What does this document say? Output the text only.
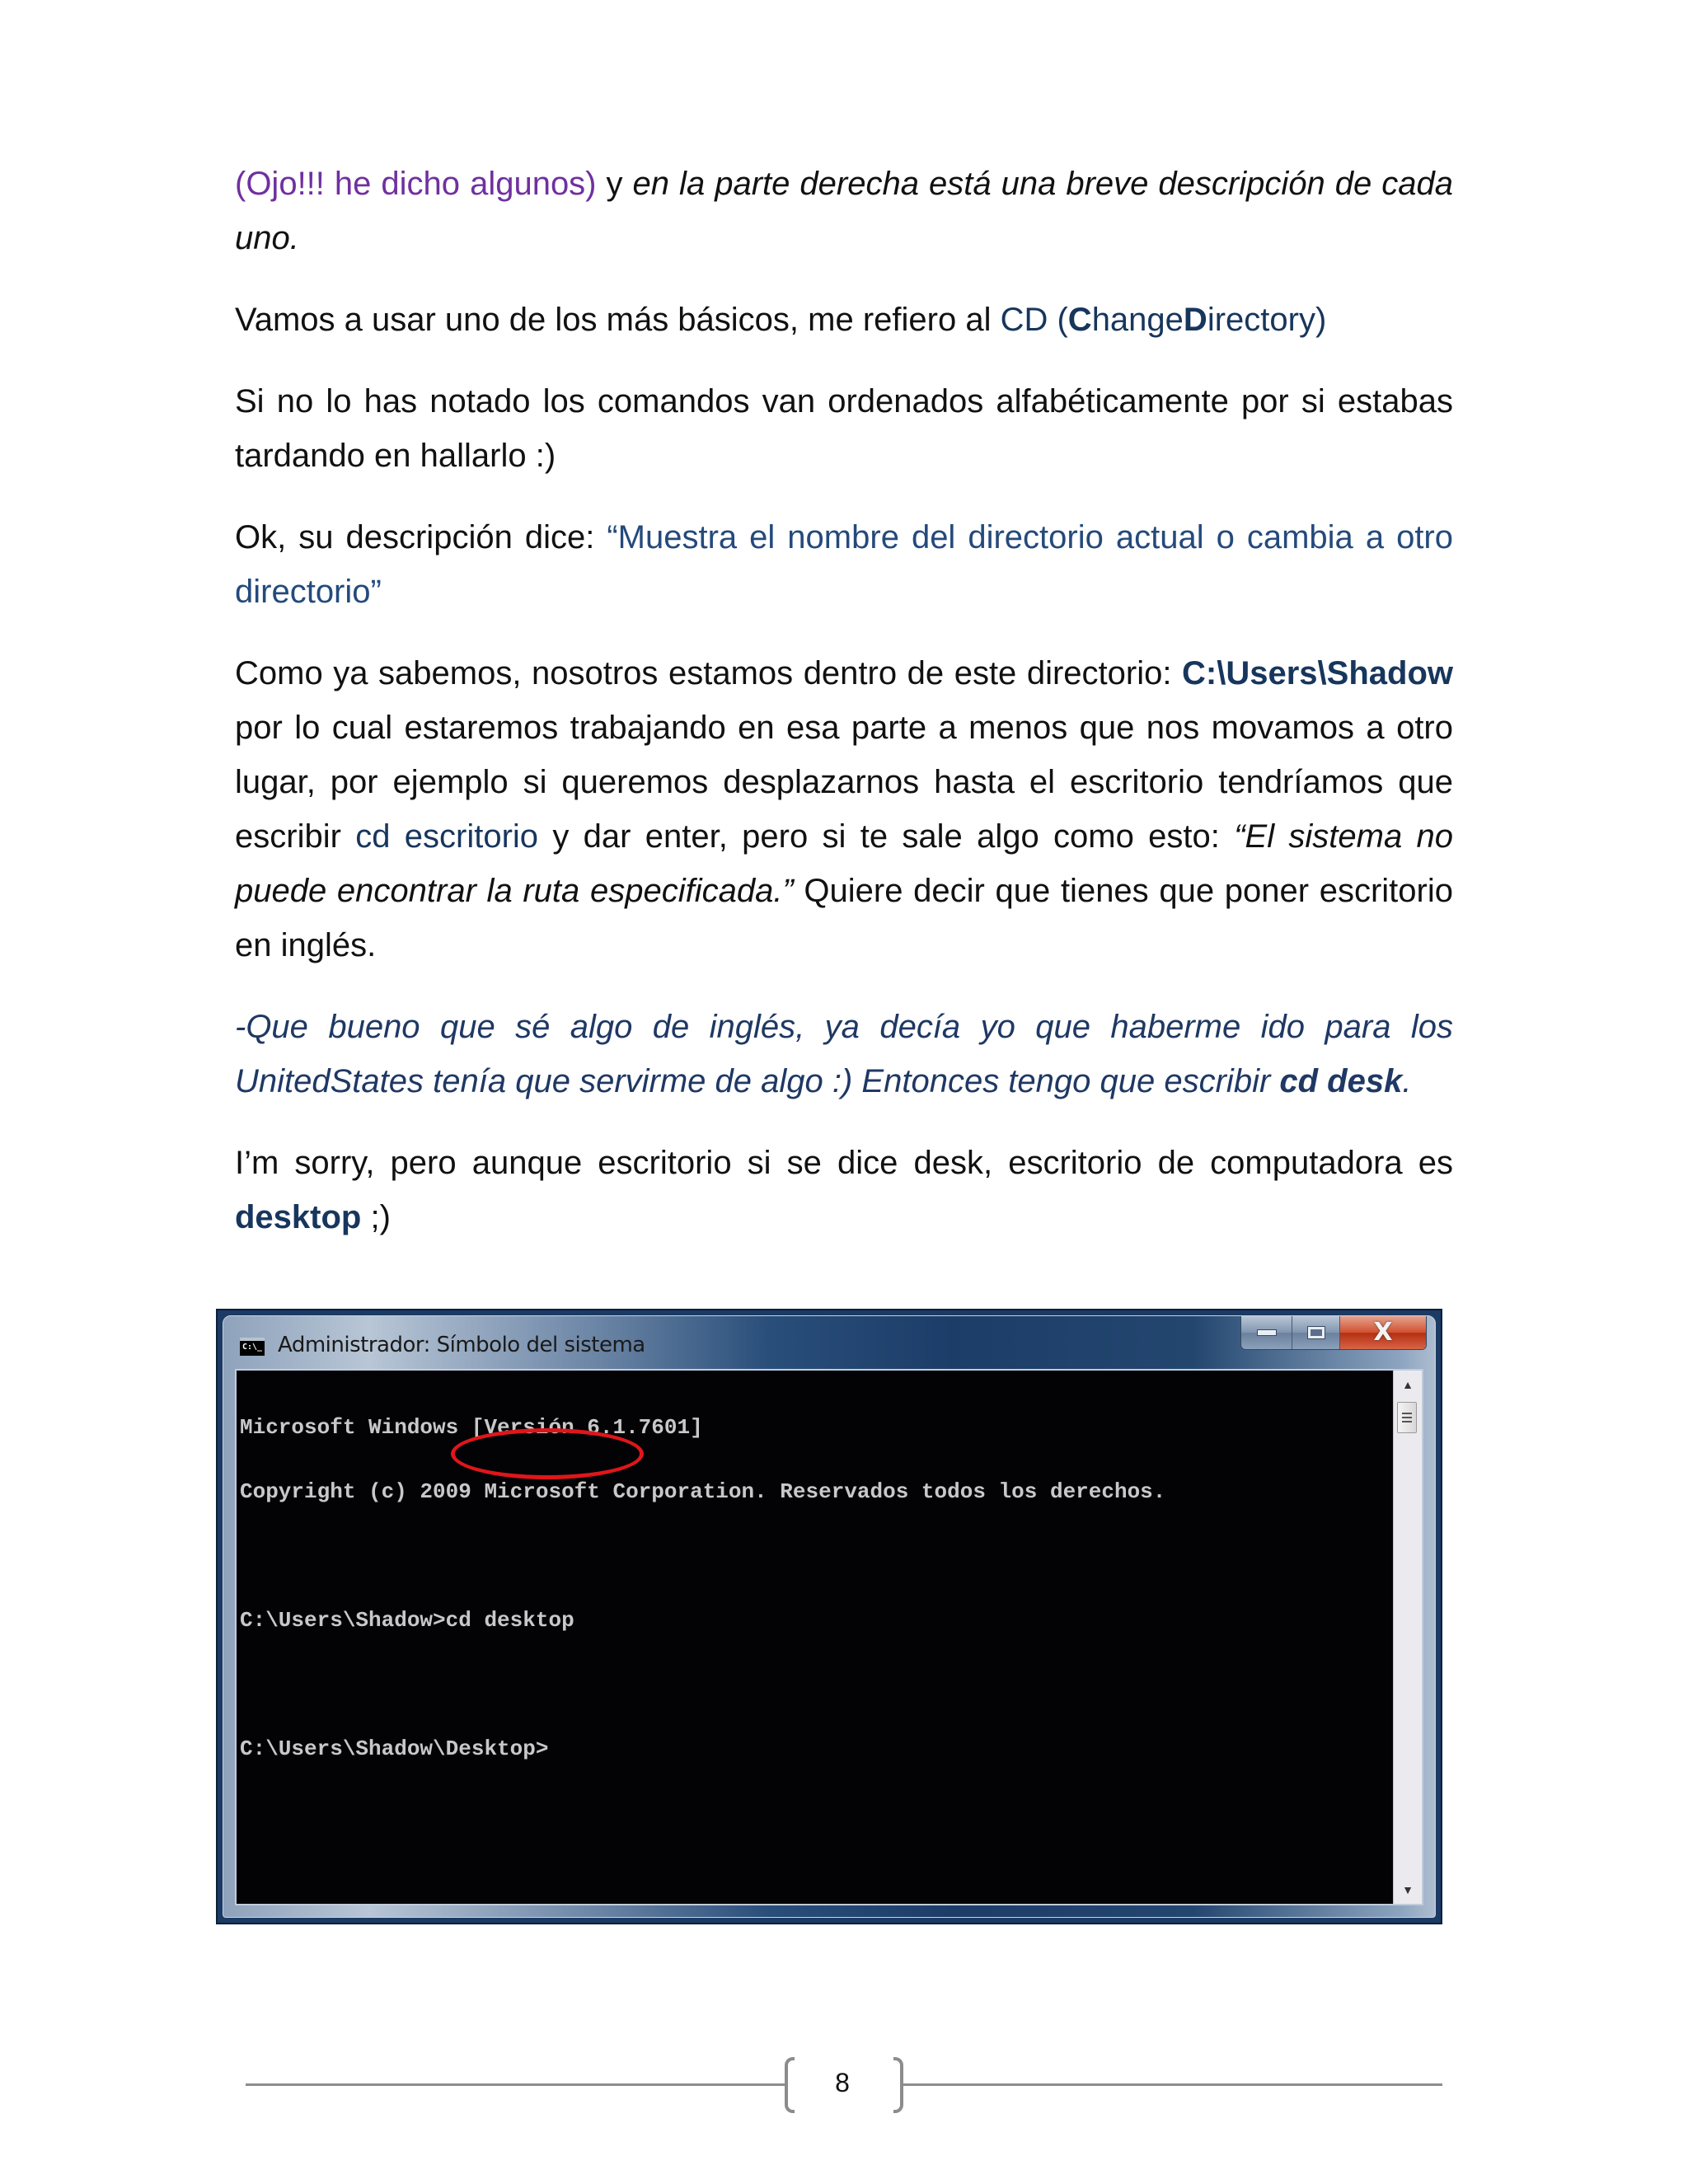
(Ojo!!! he dicho algunos) y en la parte derecha está una breve descripción de cada uno.

Vamos a usar uno de los más básicos, me refiero al CD (ChangeDirectory)

Si no lo has notado los comandos van ordenados alfabéticamente por si estabas tardando en hallarlo :)

Ok, su descripción dice: “Muestra el nombre del directorio actual o cambia a otro directorio”

Como ya sabemos, nosotros estamos dentro de este directorio: C:\Users\Shadow por lo cual estaremos trabajando en esa parte a menos que nos movamos a otro lugar, por ejemplo si queremos desplazarnos hasta el escritorio tendríamos que escribir cd escritorio y dar enter, pero si te sale algo como esto: “El sistema no puede encontrar la ruta especificada.” Quiere decir que tienes que poner escritorio en inglés.

-Que bueno que sé algo de inglés, ya decía yo que haberme ido para los UnitedStates tenía que servirme de algo :) Entonces tengo que escribir cd desk.

I’m sorry, pero aunque escritorio si se dice desk, escritorio de computadora es desktop ;)

C:\_ Administrador: Símbolo del sistema	X

Microsoft Windows [Versión 6.1.7601]

Copyright (c) 2009 Microsoft Corporation. Reservados todos los derechos.

C:\Users\Shadow>cd desktop

C:\Users\Shadow\Desktop>

▲
▼
8
